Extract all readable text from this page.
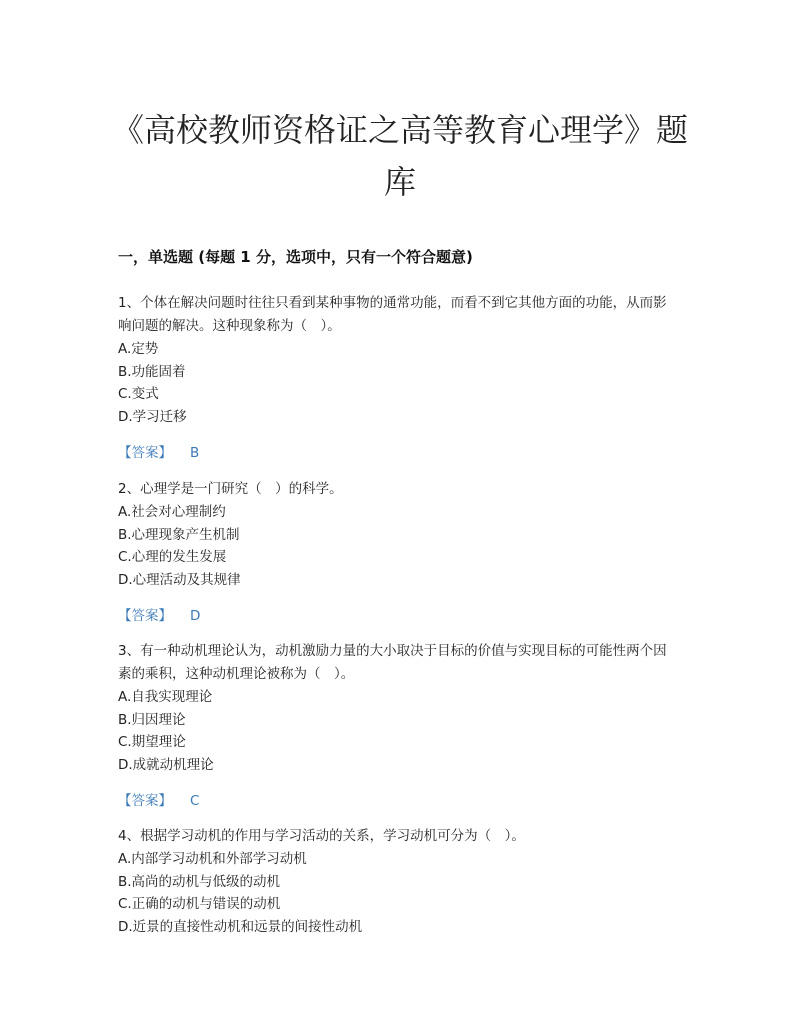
《高校教师资格证之高等教育心理学》题库
一，单选题 (每题 1 分，选项中，只有一个符合题意)

1、个体在解决问题时往往只看到某种事物的通常功能，而看不到它其他方面的功能，从而影响问题的解决。这种现象称为（　）。

A.定势

B.功能固着

C.变式

D.学习迁移

【答案】 B

2、心理学是一门研究（　）的科学。

A.社会对心理制约

B.心理现象产生机制

C.心理的发生发展

D.心理活动及其规律

【答案】 D

3、有一种动机理论认为，动机激励力量的大小取决于目标的价值与实现目标的可能性两个因素的乘积，这种动机理论被称为（　）。

A.自我实现理论

B.归因理论

C.期望理论

D.成就动机理论

【答案】 C

4、根据学习动机的作用与学习活动的关系，学习动机可分为（　）。

A.内部学习动机和外部学习动机

B.高尚的动机与低级的动机

C.正确的动机与错误的动机

D.近景的直接性动机和远景的间接性动机
